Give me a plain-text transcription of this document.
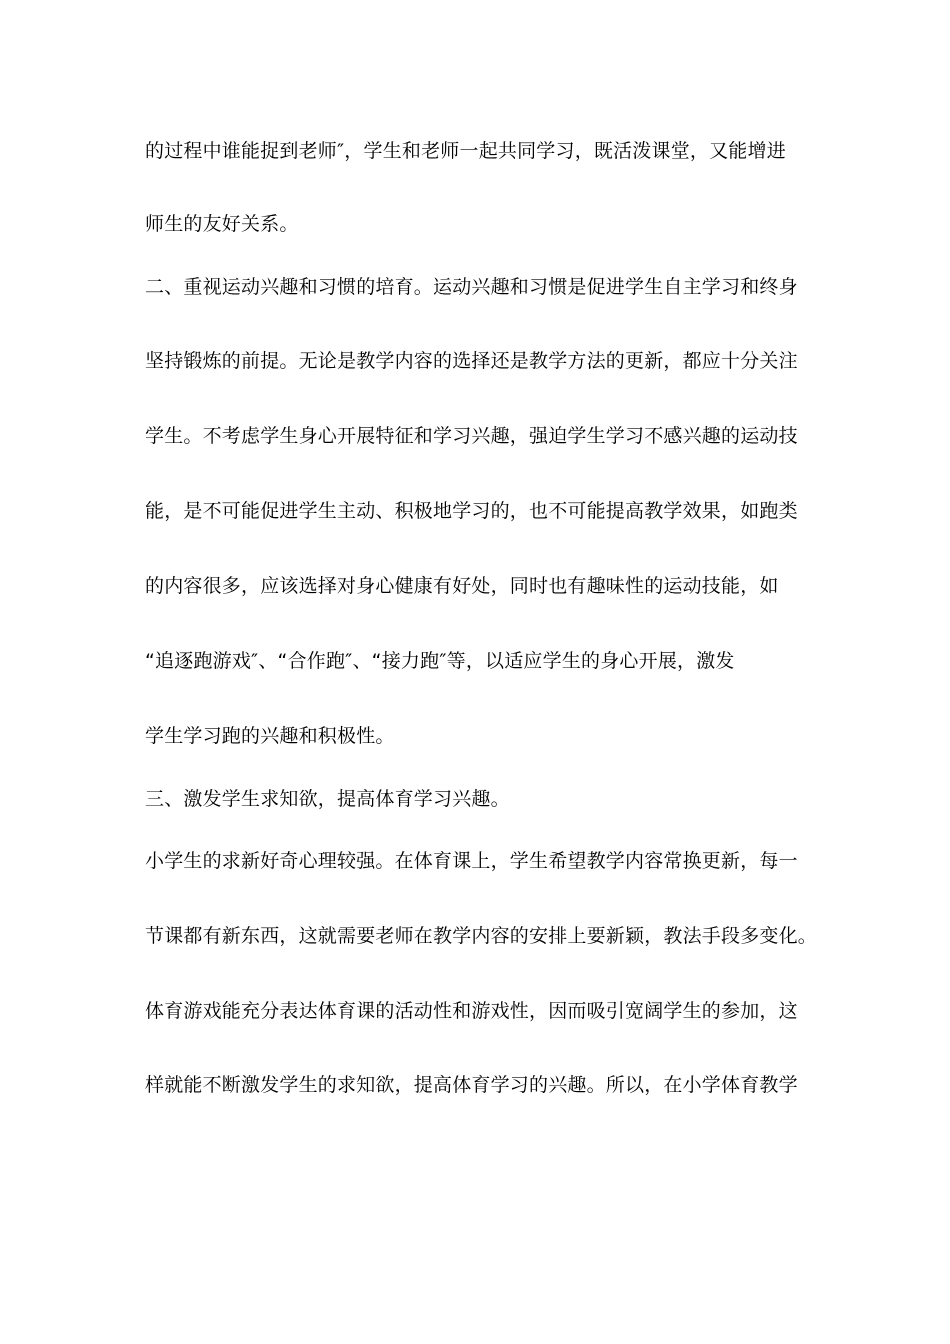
的过程中谁能捉到老师″，学生和老师一起共同学习，既活泼课堂，又能增进
师生的友好关系。
二、重视运动兴趣和习惯的培育。运动兴趣和习惯是促进学生自主学习和终身
坚持锻炼的前提。无论是教学内容的选择还是教学方法的更新，都应十分关注
学生。不考虑学生身心开展特征和学习兴趣，强迫学生学习不感兴趣的运动技
能，是不可能促进学生主动、积极地学习的，也不可能提高教学效果，如跑类
的内容很多，应该选择对身心健康有好处，同时也有趣味性的运动技能，如
“追逐跑游戏″、“合作跑″、“接力跑″等，以适应学生的身心开展，激发
学生学习跑的兴趣和积极性。
三、激发学生求知欲，提高体育学习兴趣。
小学生的求新好奇心理较强。在体育课上，学生希望教学内容常换更新，每一
节课都有新东西，这就需要老师在教学内容的安排上要新颖，教法手段多变化。
体育游戏能充分表达体育课的活动性和游戏性，因而吸引宽阔学生的参加，这
样就能不断激发学生的求知欲，提高体育学习的兴趣。所以，在小学体育教学
